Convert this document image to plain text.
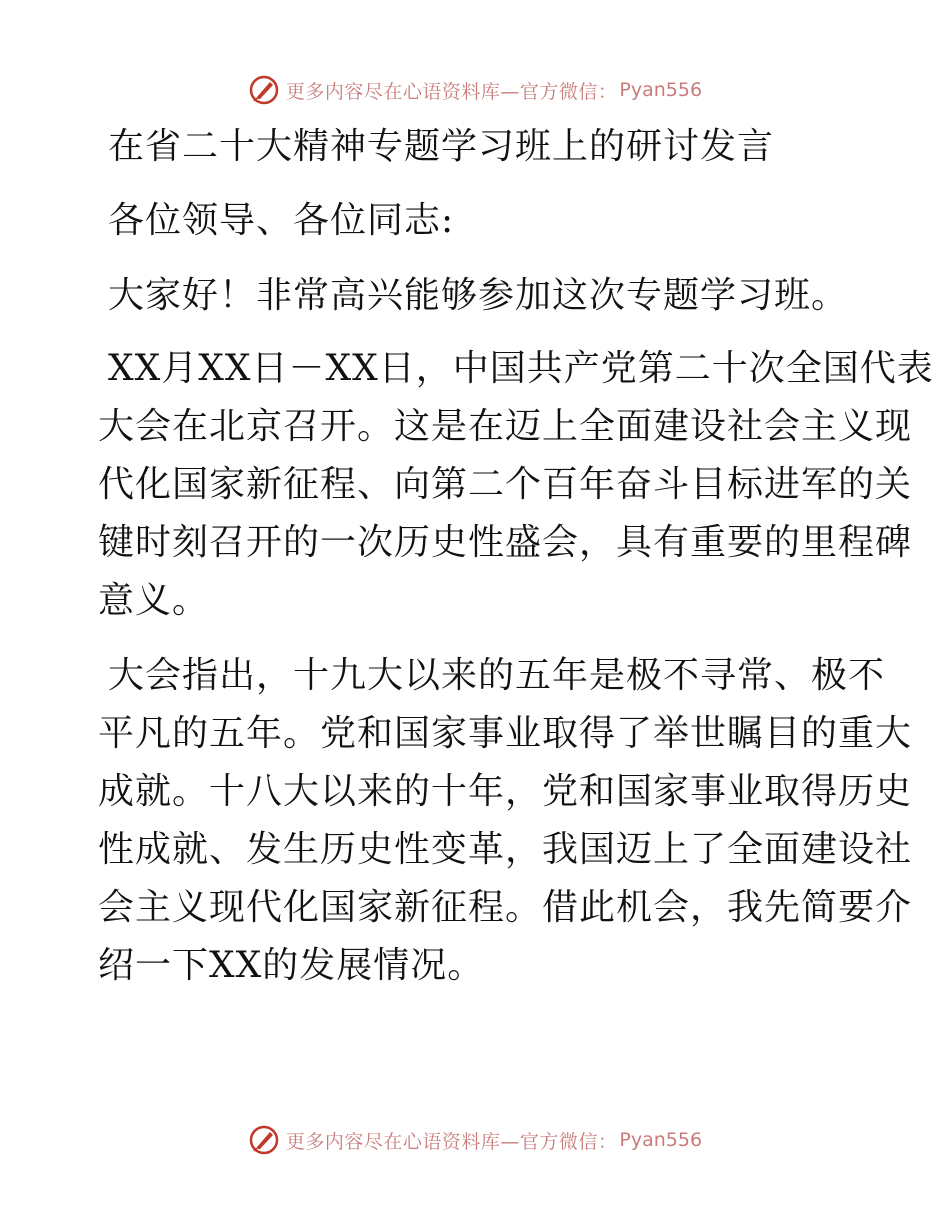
更多内容尽在心语资料库—官方微信： Pyan556

在省二十大精神专题学习班上的研讨发言

各位领导、各位同志:

大家好！非常高兴能够参加这次专题学习班。

XX月XX日－XX日，中国共产党第二十次全国代表

大会在北京召开。这是在迈上全面建设社会主义现

代化国家新征程、向第二个百年奋斗目标进军的关

键时刻召开的一次历史性盛会，具有重要的里程碑

意义。

大会指出，十九大以来的五年是极不寻常、极不

平凡的五年。党和国家事业取得了举世瞩目的重大

成就。十八大以来的十年，党和国家事业取得历史

性成就、发生历史性变革，我国迈上了全面建设社

会主义现代化国家新征程。借此机会，我先简要介

绍一下XX的发展情况。

更多内容尽在心语资料库—官方微信： Pyan556
